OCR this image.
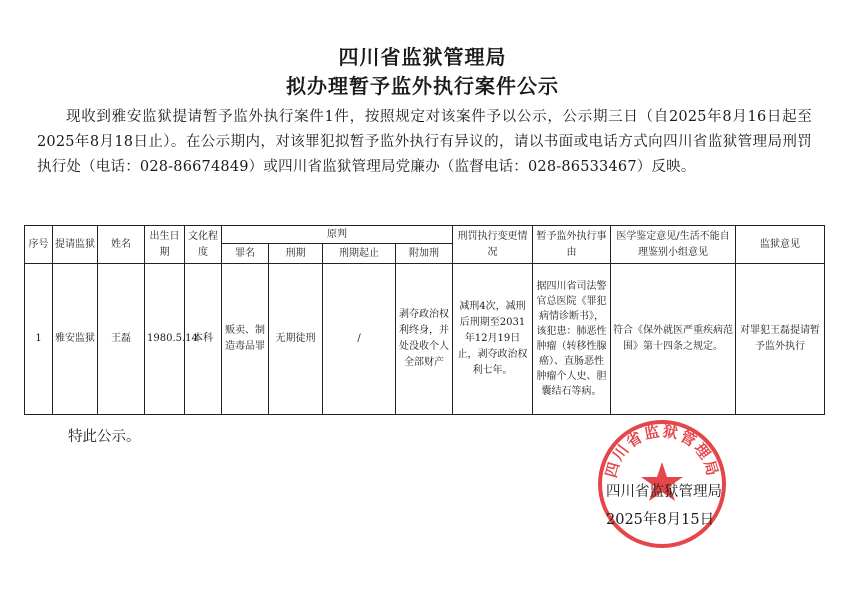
四川省监狱管理局
拟办理暂予监外执行案件公示
现收到雅安监狱提请暂予监外执行案件1件，按照规定对该案件予以公示，公示期三日（自2025年8月16日起至2025年8月18日止）。在公示期内，对该罪犯拟暂予监外执行有异议的，请以书面或电话方式向四川省监狱管理局刑罚执行处（电话：028-86674849）或四川省监狱管理局党廉办（监督电话：028-86533467）反映。
序号	提请监狱	姓名	出生日期	文化程度	原判				刑罚执行变更情况	暂予监外执行事由	医学鉴定意见/生活不能自理鉴别小组意见	监狱意见
					罪名	刑期	刑期起止	附加刑				
1	雅安监狱	王磊	1980.5.14	本科	贩卖、制造毒品罪	无期徒刑	/	剥夺政治权利终身，并处没收个人全部财产	减刑4次，减刑后刑期至2031年12月19日止，剥夺政治权利七年。	据四川省司法警官总医院《罪犯病情诊断书》，该犯患：肺恶性肿瘤（转移性腺癌）、直肠恶性肿瘤个人史、胆囊结石等病。	符合《保外就医严重疾病范围》第十四条之规定。	对罪犯王磊提请暂予监外执行
特此公示。
四川省监狱管理局
四川省监狱管理局
2025年8月15日
